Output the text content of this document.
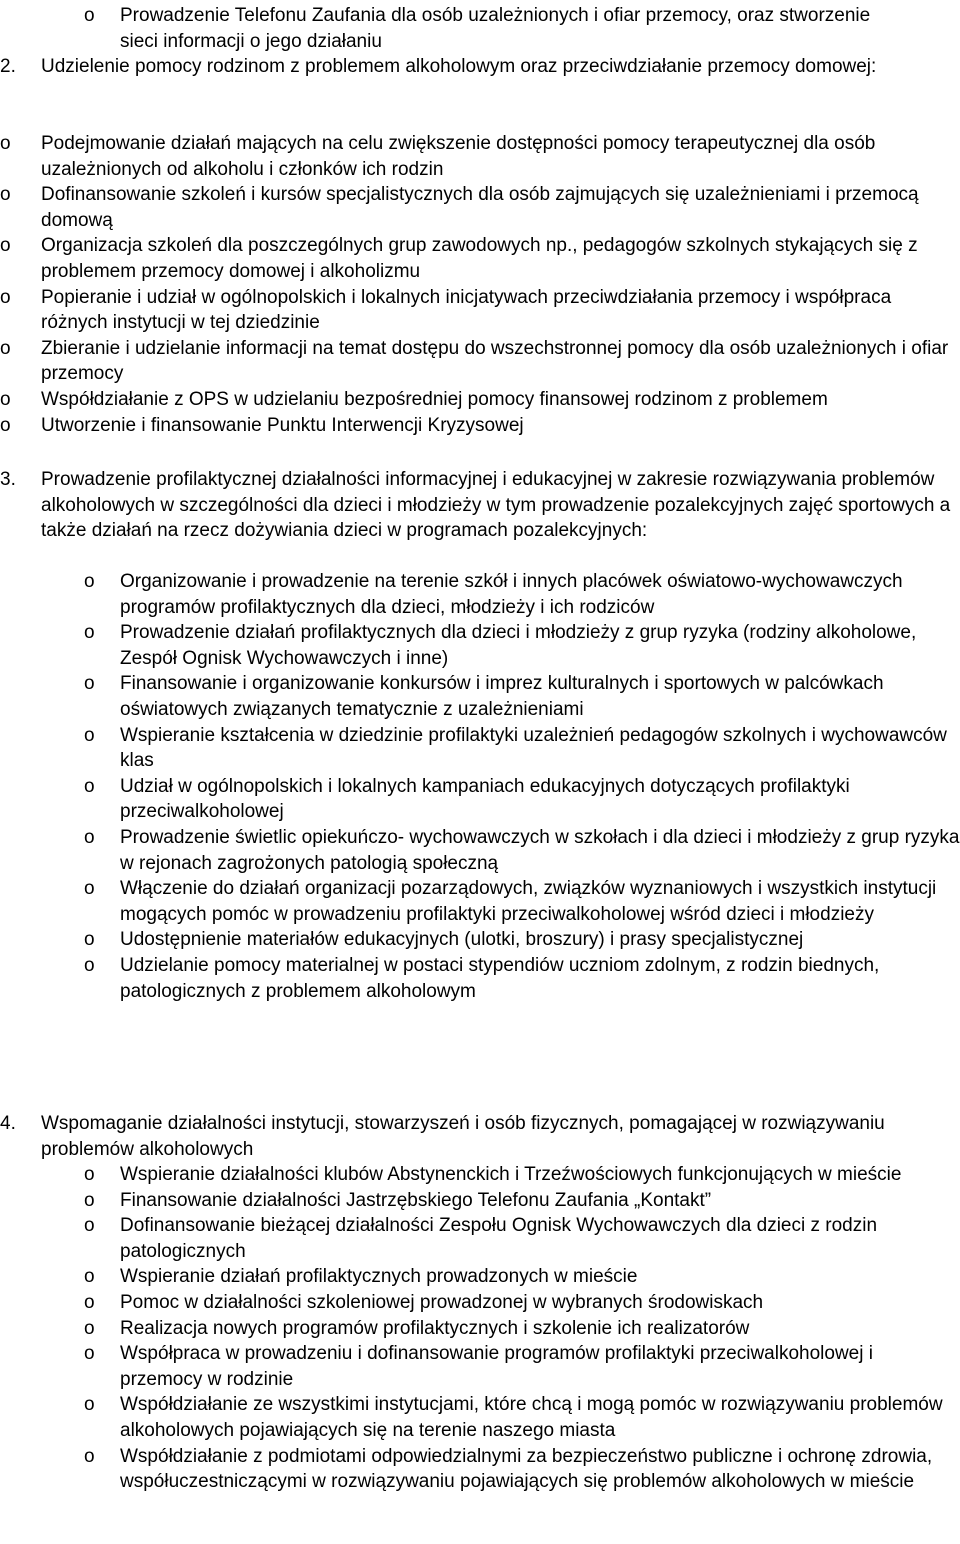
o	Prowadzenie Telefonu Zaufania dla osób uzależnionych i ofiar przemocy, oraz stworzenie sieci informacji o jego działaniu
2. Udzielenie pomocy rodzinom z problemem alkoholowym oraz przeciwdziałanie przemocy domowej:
o	Podejmowanie działań mających na celu zwiększenie dostępności pomocy terapeutycznej dla osób uzależnionych od alkoholu i członków ich rodzin
o	Dofinansowanie szkoleń i kursów specjalistycznych dla osób zajmujących się uzależnieniami i przemocą domową
o	Organizacja szkoleń dla poszczególnych grup zawodowych np., pedagogów szkolnych stykających się z problemem przemocy domowej i alkoholizmu
o	Popieranie i udział w ogólnopolskich i lokalnych inicjatywach przeciwdziałania przemocy i współpraca różnych instytucji w tej dziedzinie
o	Zbieranie i udzielanie informacji na temat dostępu do wszechstronnej pomocy dla osób uzależnionych i ofiar przemocy
o	Współdziałanie z OPS w udzielaniu bezpośredniej pomocy finansowej rodzinom z problemem
o	Utworzenie i finansowanie Punktu Interwencji Kryzysowej
3. Prowadzenie profilaktycznej działalności informacyjnej i edukacyjnej w zakresie rozwiązywania problemów alkoholowych w szczególności dla dzieci i młodzieży w tym prowadzenie pozalekcyjnych zajęć sportowych a także działań na rzecz dożywiania dzieci w programach pozalekcyjnych:
o	Organizowanie i prowadzenie na terenie szkół i innych placówek oświatowo-wychowawczych programów profilaktycznych dla dzieci, młodzieży i ich rodziców
o	Prowadzenie działań profilaktycznych dla dzieci i młodzieży z grup ryzyka (rodziny alkoholowe, Zespół Ognisk Wychowawczych i inne)
o	Finansowanie i organizowanie konkursów i imprez kulturalnych i sportowych w palcówkach oświatowych związanych tematycznie z uzależnieniami
o	Wspieranie kształcenia w dziedzinie profilaktyki uzależnień pedagogów szkolnych i wychowawców klas
o	Udział w ogólnopolskich i lokalnych kampaniach edukacyjnych dotyczących profilaktyki przeciwalkoholowej
o	Prowadzenie świetlic opiekuńczo- wychowawczych w szkołach i dla dzieci i młodzieży z grup ryzyka w rejonach zagrożonych patologią społeczną
o	Włączenie do działań organizacji pozarządowych, związków wyznaniowych i wszystkich instytucji mogących pomóc w prowadzeniu profilaktyki przeciwalkoholowej wśród dzieci i młodzieży
o	Udostępnienie materiałów edukacyjnych (ulotki, broszury) i prasy specjalistycznej
o	Udzielanie pomocy materialnej w postaci stypendiów uczniom zdolnym, z rodzin biednych, patologicznych z problemem alkoholowym
4. Wspomaganie działalności instytucji, stowarzyszeń i osób fizycznych, pomagającej w rozwiązywaniu problemów alkoholowych
o	Wspieranie działalności klubów Abstynenckich i Trzeźwościowych funkcjonujących w mieście
o	Finansowanie działalności Jastrzębskiego Telefonu Zaufania „Kontakt”
o	Dofinansowanie bieżącej działalności Zespołu Ognisk Wychowawczych dla dzieci z rodzin patologicznych
o	Wspieranie działań profilaktycznych prowadzonych w mieście
o	Pomoc w działalności szkoleniowej prowadzonej w wybranych środowiskach
o	Realizacja nowych programów profilaktycznych i szkolenie ich realizatorów
o	Współpraca w prowadzeniu i dofinansowanie programów profilaktyki przeciwalkoholowej i przemocy w rodzinie
o	Współdziałanie ze wszystkimi instytucjami, które chcą i mogą pomóc w rozwiązywaniu problemów alkoholowych pojawiających się na terenie naszego miasta
o	Współdziałanie z podmiotami odpowiedzialnymi za bezpieczeństwo publiczne i ochronę zdrowia, współuczestniczącymi w rozwiązywaniu pojawiających się problemów alkoholowych w mieście
